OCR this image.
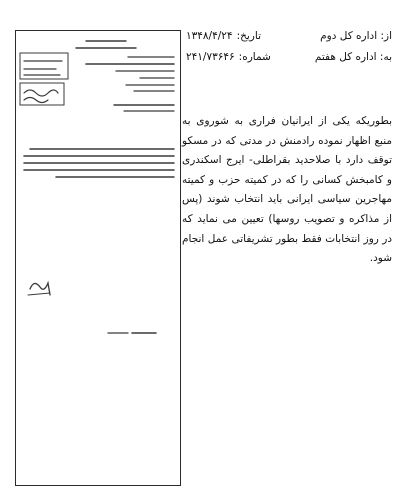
از: اداره کل دوم
تاریخ:
۱۳۴۸/۴/۲۴
به: اداره کل هفتم
شماره:
۲۴۱/۷۳۶۴۶
بطوریکه یکی از ایرانیان فراری به شوروی به منبع اظهار نموده رادمنش در مدتی که در مسکو توقف دارد با صلاحدید بقراطلی- ایرج اسکندری و کامبخش کسانی را که در کمیته حزب و کمیته مهاجرین سیاسی ایرانی باید انتخاب شوند (پس از مذاکره و تصویب روسها) تعیین می نماید که در روز انتخابات فقط بطور تشریفاتی عمل انجام شود.
